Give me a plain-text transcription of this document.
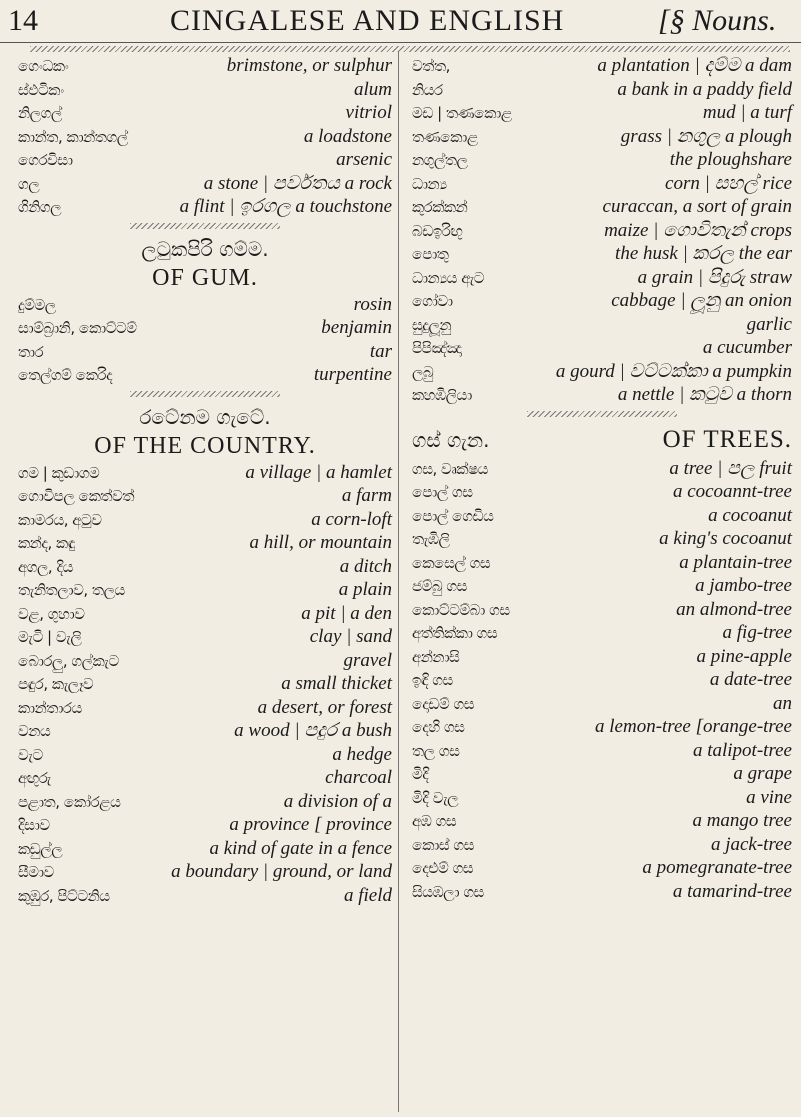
14	CINGALESE AND ENGLISH	[§ Nouns.
ගෙංධකං	brimstone, or sulphur
ස්ඵටිකං	alum
නිලගල්	vitriol
කාන්ත, කාන්තගල්	a loadstone
ගෙරවිසා	arsenic
ගල	a stone | පර්වතය a rock
ගිනිගල	a flint | ඉරගල a touchstone
ලටුකපිරි ගම්ම.
OF GUM.
දුම්මල	rosin
සාම්බ්‍රානි, කොට්ටම්	benjamin
තාර	tar
තෙල්ගම් කෙරිද	turpentine
රටේනම ගැටේ.
OF THE COUNTRY.
ගම | කුඩාගම	a village | a hamlet
ගොවිපල කෙත්වත්	a farm
කාමරය, අටුව	a corn-loft
කන්ද, කඳු	a hill, or mountain
අගල, දිය	a ditch
තැනිතලාව, තලය	a plain
වළ, ගුහාව	a pit | a den
මැටි | වැලි	clay | sand
බොරලු, ගල්කැට	gravel
පඳුර, කැලෑව	a small thicket
කාන්තාරය	a desert, or forest
වනය	a wood | පදුර a bush
වැට	a hedge
අඟුරු	charcoal
පළාත, කෝරළය	a division of a
දිසාව	a province [ province
කඩුල්ල	a kind of gate in a fence
සීමාව	a boundary | ground, or land
කුඹුර, පිට්ටනිය	a field
වත්ත,	a plantation | දම්ම a dam
නියර	a bank in a paddy field
මඩ | තණකොළ	mud | a turf
තණකොළ	grass | නගුල a plough
නගුල්තල	the ploughshare
ධාන්‍ය	corn | සහල් rice
කුරක්කන්	curaccan, a sort of grain
බඩඉරිඟු	maize | ගොවිතැන් crops
පොතු	the husk | කරල the ear
ධාන්‍යය ඇට	a grain | පිදුරු straw
ගෝවා	cabbage | ලූනු an onion
සුදුලූනු	garlic
පිපිඤ්ඤා	a cucumber
ලබු	a gourd | වට්ටක්කා a pumpkin
කහඹිලියා	a nettle | කටුව a thorn
ගස් ගැන.	OF TREES.
ගස, වෘක්ෂය	a tree | පල fruit
පොල් ගස	a cocoannt-tree
පොල් ගෙඩිය	a cocoanut
තැඹිලි	a king's cocoanut
කෙසෙල් ගස	a plantain-tree
ජම්බු ගස	a jambo-tree
කොට්ටම්බා ගස	an almond-tree
අත්තික්කා ගස	a fig-tree
අන්නාසි	a pine-apple
ඉඳි ගස	a date-tree
දොඩම් ගස	an
දෙහි ගස	a lemon-tree [orange-tree
තල ගස	a talipot-tree
මිදි	a grape
මිදි වැල	a vine
අඹ ගස	a mango tree
කොස් ගස	a jack-tree
දෙළුම් ගස	a pomegranate-tree
සියඹලා ගස	a tamarind-tree
